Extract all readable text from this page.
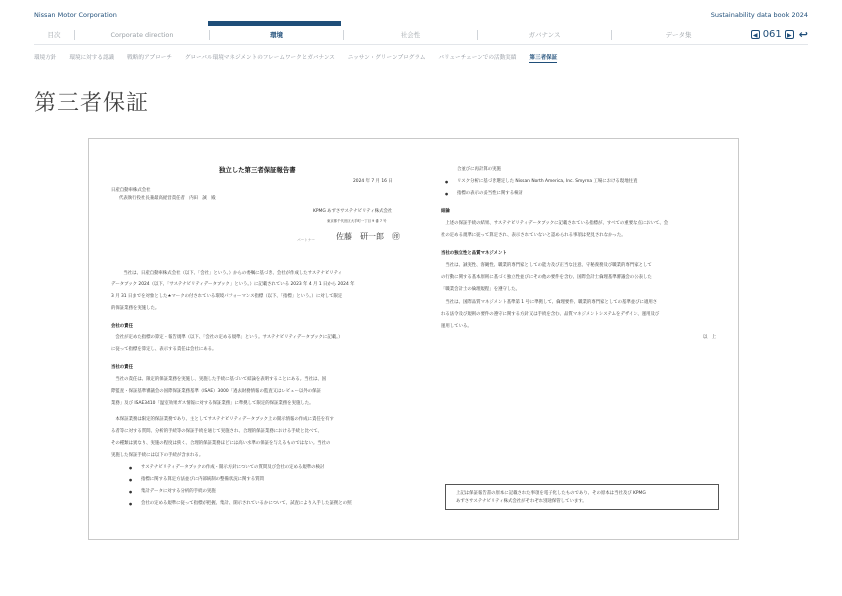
Nissan Motor Corporation	Sustainability data book 2024
目次	Corporate direction	環境	社会性	ガバナンス	データ集	◀ 061 ▶ ↩
環境方針 環境に対する認識 戦略的アプローチ グローバル環境マネジメントのフレームワークとガバナンス ニッサン・グリーンプログラム バリューチェーンでの活動実績 第三者保証
第三者保証
独立した第三者保証報告書
2024 年 7 月 16 日
日産自動車株式会社
代表執行役社長兼最高経営責任者　内田　誠　殿
KPMG あずさサステナビリティ株式会社
東京都千代田区大手町一丁目 9 番 7 号
パートナー	佐藤　研一郎　㊞
　当社は、日産自動車株式会社（以下、「会社」という。）からの委嘱に基づき、会社が作成したサステナビリティ
データブック 2024（以下、「サステナビリティデータブック」という。）に記載されている 2023 年 4 月 1 日から 2024 年
3 月 31 日までを対象とした★マークの付されている環境パフォーマンス指標（以下、「指標」という。）に対して限定
的保証業務を実施した。
会社の責任
　会社が定めた指標の算定・報告規準（以下、「会社の定める規準」という。サステナビリティデータブックに記載。）
に従って指標を算定し、表示する責任は会社にある。
当社の責任
　当社の責任は、限定的保証業務を実施し、実施した手続に基づいて結論を表明することにある。当社は、国
際監査・保証基準審議会の国際保証業務基準（ISAE）3000「過去財務情報の監査又はレビュー以外の保証
業務」及び ISAE3410「温室効果ガス情報に対する保証業務」に準拠して限定的保証業務を実施した。
　本保証業務は限定的保証業務であり、主としてサステナビリティデータブック上の開示情報の作成に責任を有す
る者等に対する質問、分析的手続等の保証手続を通じて実施され、合理的保証業務における手続と比べて、
その種類は異なり、実施の程度は狭く、合理的保証業務ほどには高い水準の保証を与えるものではない。当社の
実施した保証手続には以下の手続が含まれる。
● サステナビリティデータブックの作成・開示方針についての質問及び会社の定める規準の検討
● 指標に関する算定方法並びに内部統制の整備状況に関する質問
● 集計データに対する分析的手続の実施
● 会社の定める規準に従って指標が把握、集計、開示されているかについて、試査により入手した証拠との照
合並びに再計算の実施
● リスク分析に基づき選定した Nissan North America, Inc. Smyrna 工場における現地往査
● 指標の表示の妥当性に関する検討
結論
　上述の保証手続の結果、サステナビリティデータブックに記載されている指標が、すべての重要な点において、会
社の定める規準に従って算定され、表示されていないと認められる事項は発見されなかった。
当社の独立性と品質マネジメント
　当社は、誠実性、客観性、職業的専門家としての能力及び正当な注意、守秘義務及び職業的専門家として
の行動に関する基本原則に基づく独立性並びにその他の要件を含む、国際会計士倫理基準審議会の公表した
「職業会計士の倫理規程」を遵守した。
　当社は、国際品質マネジメント基準第 1 号に準拠して、倫理要件、職業的専門家としての基準並びに適用さ
れる法令及び規則の要件の遵守に関する方針又は手続を含む、品質マネジメントシステムをデザイン、運用及び
運用している。
以　上
上記は保証報告書の原本に記載された事項を電子化したものであり、その原本は当社及び KPMG
あずさサステナビリティ株式会社がそれぞれ別途保管しています。
